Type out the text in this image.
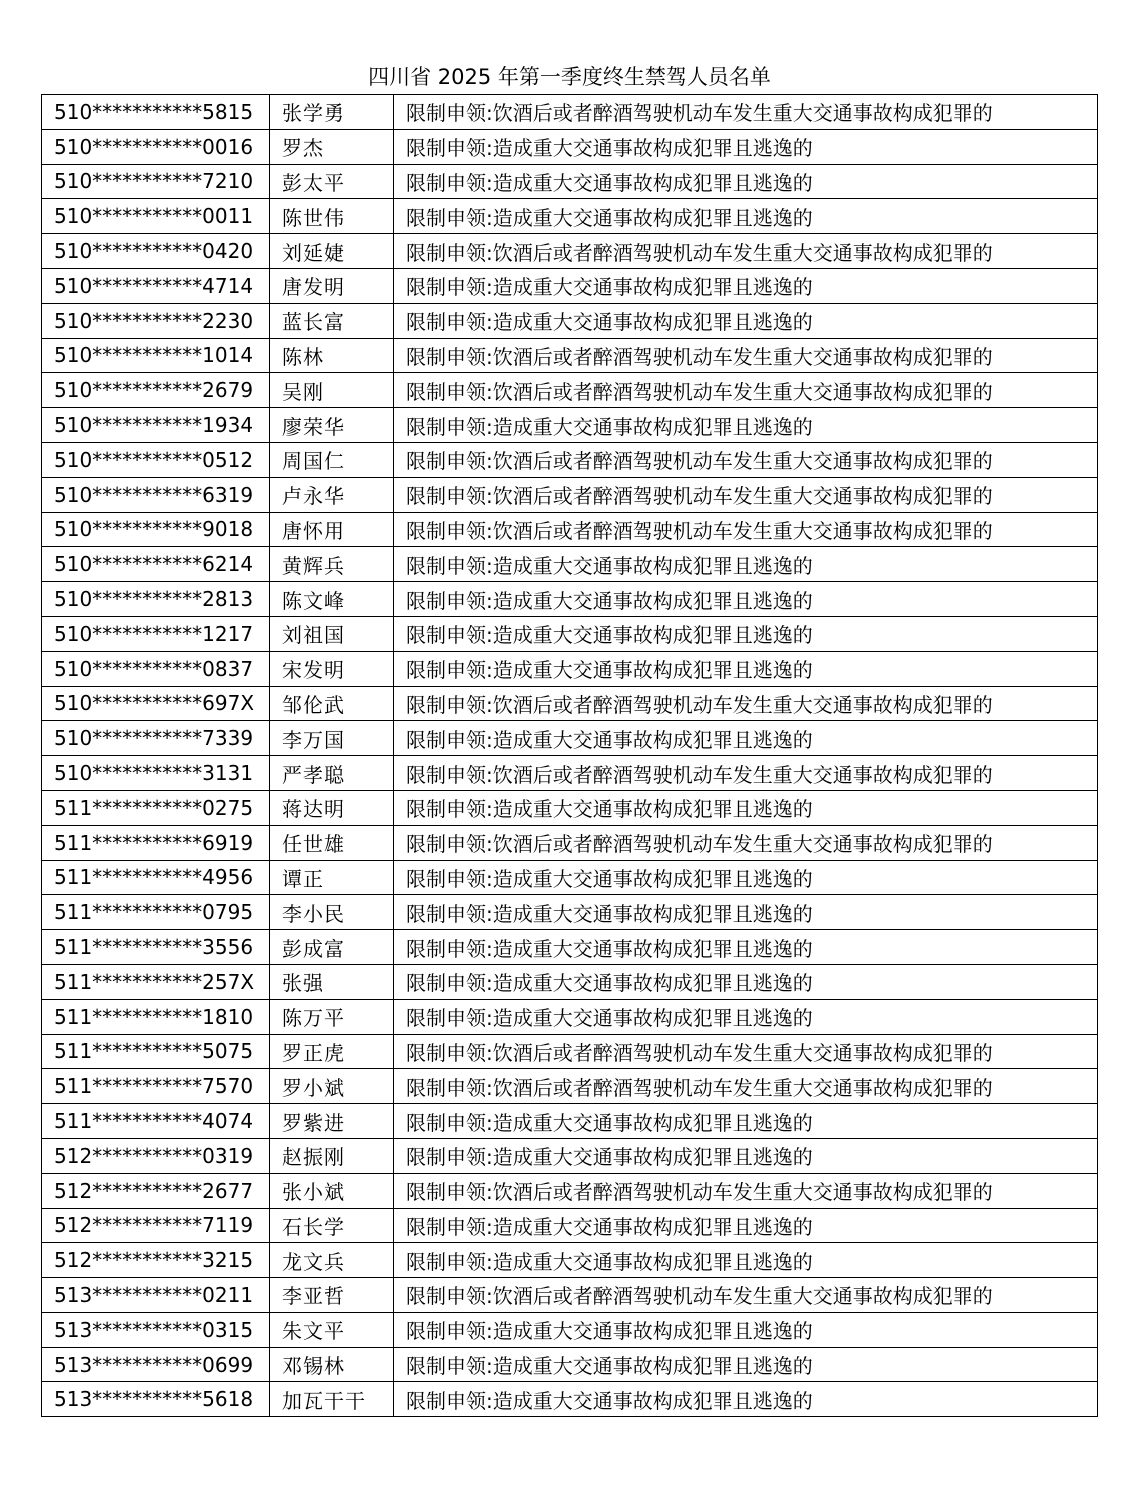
四川省 2025 年第一季度终生禁驾人员名单
510***********5815	张学勇	限制申领:饮酒后或者醉酒驾驶机动车发生重大交通事故构成犯罪的
510***********0016	罗杰	限制申领:造成重大交通事故构成犯罪且逃逸的
510***********7210	彭太平	限制申领:造成重大交通事故构成犯罪且逃逸的
510***********0011	陈世伟	限制申领:造成重大交通事故构成犯罪且逃逸的
510***********0420	刘延婕	限制申领:饮酒后或者醉酒驾驶机动车发生重大交通事故构成犯罪的
510***********4714	唐发明	限制申领:造成重大交通事故构成犯罪且逃逸的
510***********2230	蓝长富	限制申领:造成重大交通事故构成犯罪且逃逸的
510***********1014	陈林	限制申领:饮酒后或者醉酒驾驶机动车发生重大交通事故构成犯罪的
510***********2679	吴刚	限制申领:饮酒后或者醉酒驾驶机动车发生重大交通事故构成犯罪的
510***********1934	廖荣华	限制申领:造成重大交通事故构成犯罪且逃逸的
510***********0512	周国仁	限制申领:饮酒后或者醉酒驾驶机动车发生重大交通事故构成犯罪的
510***********6319	卢永华	限制申领:饮酒后或者醉酒驾驶机动车发生重大交通事故构成犯罪的
510***********9018	唐怀用	限制申领:饮酒后或者醉酒驾驶机动车发生重大交通事故构成犯罪的
510***********6214	黄辉兵	限制申领:造成重大交通事故构成犯罪且逃逸的
510***********2813	陈文峰	限制申领:造成重大交通事故构成犯罪且逃逸的
510***********1217	刘祖国	限制申领:造成重大交通事故构成犯罪且逃逸的
510***********0837	宋发明	限制申领:造成重大交通事故构成犯罪且逃逸的
510***********697X	邹伦武	限制申领:饮酒后或者醉酒驾驶机动车发生重大交通事故构成犯罪的
510***********7339	李万国	限制申领:造成重大交通事故构成犯罪且逃逸的
510***********3131	严孝聪	限制申领:饮酒后或者醉酒驾驶机动车发生重大交通事故构成犯罪的
511***********0275	蒋达明	限制申领:造成重大交通事故构成犯罪且逃逸的
511***********6919	任世雄	限制申领:饮酒后或者醉酒驾驶机动车发生重大交通事故构成犯罪的
511***********4956	谭正	限制申领:造成重大交通事故构成犯罪且逃逸的
511***********0795	李小民	限制申领:造成重大交通事故构成犯罪且逃逸的
511***********3556	彭成富	限制申领:造成重大交通事故构成犯罪且逃逸的
511***********257X	张强	限制申领:造成重大交通事故构成犯罪且逃逸的
511***********1810	陈万平	限制申领:造成重大交通事故构成犯罪且逃逸的
511***********5075	罗正虎	限制申领:饮酒后或者醉酒驾驶机动车发生重大交通事故构成犯罪的
511***********7570	罗小斌	限制申领:饮酒后或者醉酒驾驶机动车发生重大交通事故构成犯罪的
511***********4074	罗紫进	限制申领:造成重大交通事故构成犯罪且逃逸的
512***********0319	赵振刚	限制申领:造成重大交通事故构成犯罪且逃逸的
512***********2677	张小斌	限制申领:饮酒后或者醉酒驾驶机动车发生重大交通事故构成犯罪的
512***********7119	石长学	限制申领:造成重大交通事故构成犯罪且逃逸的
512***********3215	龙文兵	限制申领:造成重大交通事故构成犯罪且逃逸的
513***********0211	李亚哲	限制申领:饮酒后或者醉酒驾驶机动车发生重大交通事故构成犯罪的
513***********0315	朱文平	限制申领:造成重大交通事故构成犯罪且逃逸的
513***********0699	邓锡林	限制申领:造成重大交通事故构成犯罪且逃逸的
513***********5618	加瓦干干	限制申领:造成重大交通事故构成犯罪且逃逸的
